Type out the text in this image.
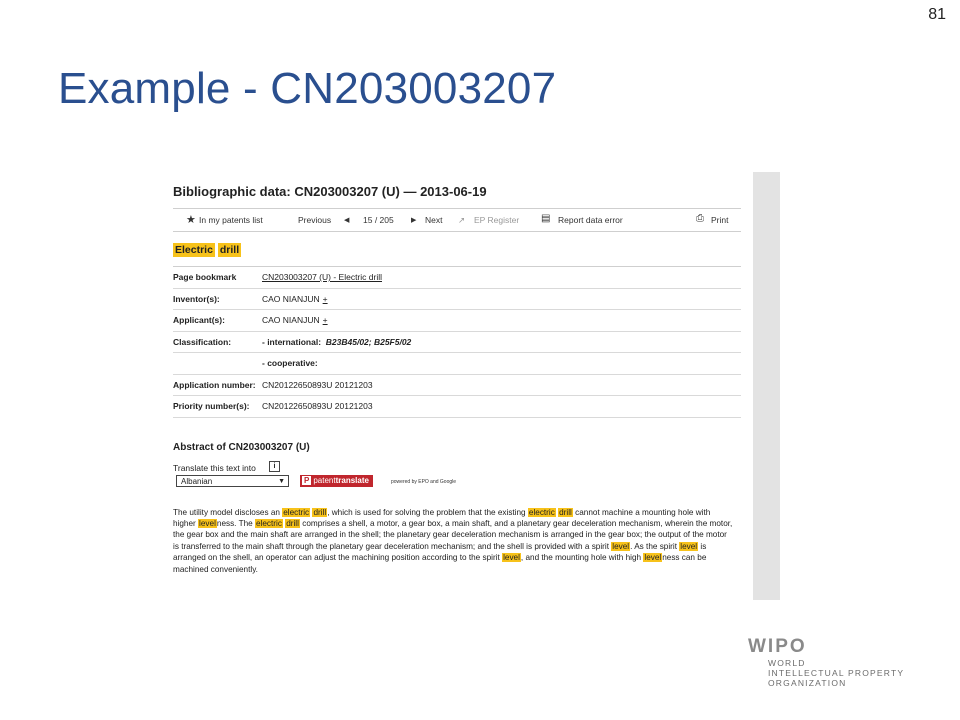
81
Example - CN203003207
Bibliographic data: CN203003207 (U) — 2013-06-19
★ In my patents list	Previous ◀ 15 / 205 ▶ Next ↗ EP Register ▤ Report data error	⎙ Print
Electric drill
Page bookmark	CN203003207 (U) - Electric drill
Inventor(s):	CAO NIANJUN +
Applicant(s):	CAO NIANJUN +
Classification:	- international: B23B45/02; B25F5/02
	- cooperative:
Application number:	CN20122650893U 20121203
Priority number(s):	CN20122650893U 20121203
Abstract of CN203003207 (U)
Translate this text into	i
Albanian	▼	P patenttranslate	powered by EPO and Google
The utility model discloses an electric drill, which is used for solving the problem that the existing electric drill cannot machine a mounting hole with higher levelness. The electric drill comprises a shell, a motor, a gear box, a main shaft, and a planetary gear deceleration mechanism, wherein the motor, the gear box and the main shaft are arranged in the shell; the planetary gear deceleration mechanism is arranged in the gear box; the output of the motor is transferred to the main shaft through the planetary gear deceleration mechanism; and the shell is provided with a spirit level. As the spirit level is arranged on the shell, an operator can adjust the machining position according to the spirit level, and the mounting hole with high levelness can be machined conveniently.
WIPO
WORLD
INTELLECTUAL PROPERTY
ORGANIZATION
